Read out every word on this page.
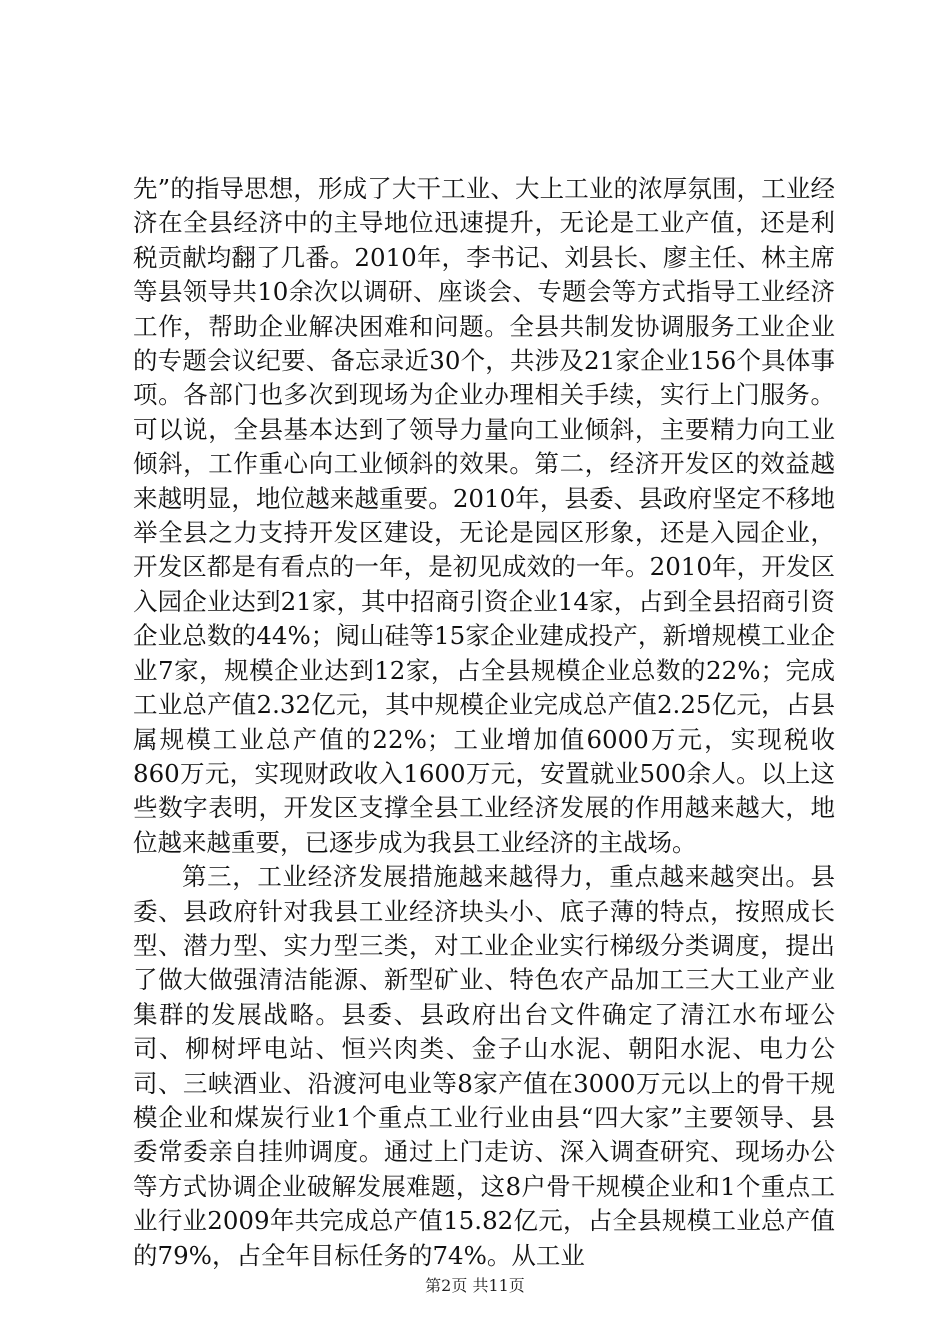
先”的指导思想，形成了大干工业、大上工业的浓厚氛围，工业经济在全县经济中的主导地位迅速提升，无论是工业产值，还是利税贡献均翻了几番。2010年，李书记、刘县长、廖主任、林主席等县领导共10余次以调研、座谈会、专题会等方式指导工业经济工作，帮助企业解决困难和问题。全县共制发协调服务工业企业的专题会议纪要、备忘录近30个，共涉及21家企业156个具体事项。各部门也多次到现场为企业办理相关手续，实行上门服务。可以说，全县基本达到了领导力量向工业倾斜，主要精力向工业倾斜，工作重心向工业倾斜的效果。第二，经济开发区的效益越来越明显，地位越来越重要。2010年，县委、县政府坚定不移地举全县之力支持开发区建设，无论是园区形象，还是入园企业，开发区都是有看点的一年，是初见成效的一年。2010年，开发区入园企业达到21家，其中招商引资企业14家，占到全县招商引资企业总数的44%；阋山硅等15家企业建成投产，新增规模工业企业7家，规模企业达到12家，占全县规模企业总数的22%；完成工业总产值2.32亿元，其中规模企业完成总产值2.25亿元，占县属规模工业总产值的22%；工业增加值6000万元，实现税收860万元，实现财政收入1600万元，安置就业500余人。以上这些数字表明，开发区支撑全县工业经济发展的作用越来越大，地位越来越重要，已逐步成为我县工业经济的主战场。

第三，工业经济发展措施越来越得力，重点越来越突出。县委、县政府针对我县工业经济块头小、底子薄的特点，按照成长型、潜力型、实力型三类，对工业企业实行梯级分类调度，提出了做大做强清洁能源、新型矿业、特色农产品加工三大工业产业集群的发展战略。县委、县政府出台文件确定了清江水布垭公司、柳树坪电站、恒兴肉类、金子山水泥、朝阳水泥、电力公司、三峡酒业、沿渡河电业等8家产值在3000万元以上的骨干规模企业和煤炭行业1个重点工业行业由县“四大家”主要领导、县委常委亲自挂帅调度。通过上门走访、深入调查研究、现场办公等方式协调企业破解发展难题，这8户骨干规模企业和1个重点工业行业2009年共完成总产值15.82亿元，占全县规模工业总产值的79%，占全年目标任务的74%。从工业

第2页 共11页
